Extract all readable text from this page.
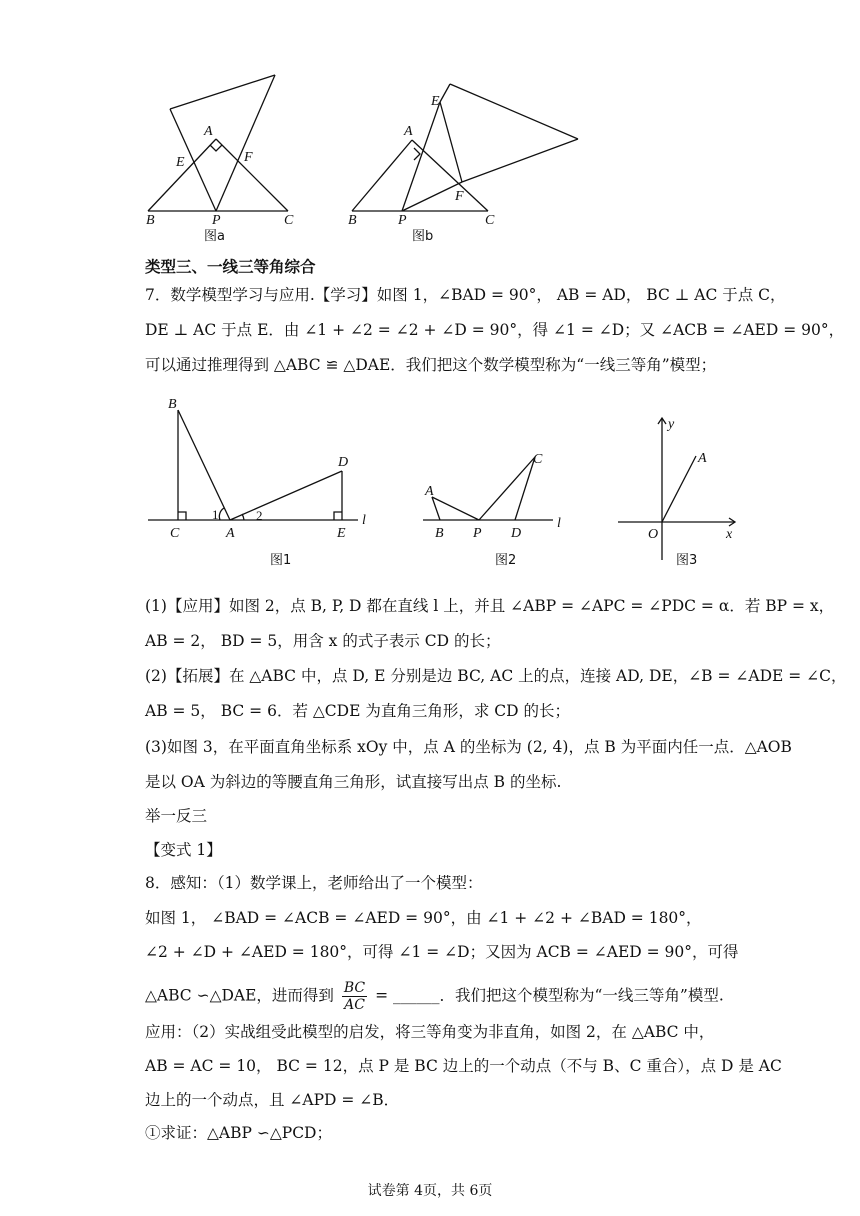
A
E	F
B	P	C
图a
E
A
F
B	P	C
图b
类型三、一线三等角综合
7．数学模型学习与应用.【学习】如图 1，∠BAD = 90°， AB = AD， BC ⊥ AC 于点 C，
DE ⊥ AC 于点 E．由 ∠1 + ∠2 = ∠2 + ∠D = 90°，得 ∠1 = ∠D；又 ∠ACB = ∠AED = 90°，
可以通过推理得到 △ABC ≌ △DAE．我们把这个数学模型称为“一线三等角”模型；
B
D
C	A	E
l
1	2
图1
A
C
B P D
l
图2
y
A
O	x
图3
(1)【应用】如图 2，点 B, P, D 都在直线 l 上，并且 ∠ABP = ∠APC = ∠PDC = α．若 BP = x，
AB = 2， BD = 5，用含 x 的式子表示 CD 的长；
(2)【拓展】在 △ABC 中，点 D, E 分别是边 BC, AC 上的点，连接 AD, DE，∠B = ∠ADE = ∠C，
AB = 5， BC = 6．若 △CDE 为直角三角形，求 CD 的长；
(3)如图 3，在平面直角坐标系 xOy 中，点 A 的坐标为 (2, 4)，点 B 为平面内任一点．△AOB
是以 OA 为斜边的等腰直角三角形，试直接写出点 B 的坐标.
举一反三
【变式 1】
8．感知：（1）数学课上，老师给出了一个模型：
如图 1， ∠BAD = ∠ACB = ∠AED = 90°，由 ∠1 + ∠2 + ∠BAD = 180°，
∠2 + ∠D + ∠AED = 180°，可得 ∠1 = ∠D；又因为 ACB = ∠AED = 90°，可得
△ABC ∽△DAE，进而得到 $\frac{BC}{AC}$ = ______．我们把这个模型称为“一线三等角”模型.
应用：（2）实战组受此模型的启发，将三等角变为非直角，如图 2，在 △ABC 中，
AB = AC = 10， BC = 12，点 P 是 BC 边上的一个动点（不与 B、C 重合），点 D 是 AC
边上的一个动点，且 ∠APD = ∠B．
①求证：△ABP ∽△PCD；
试卷第 4页，共 6页
